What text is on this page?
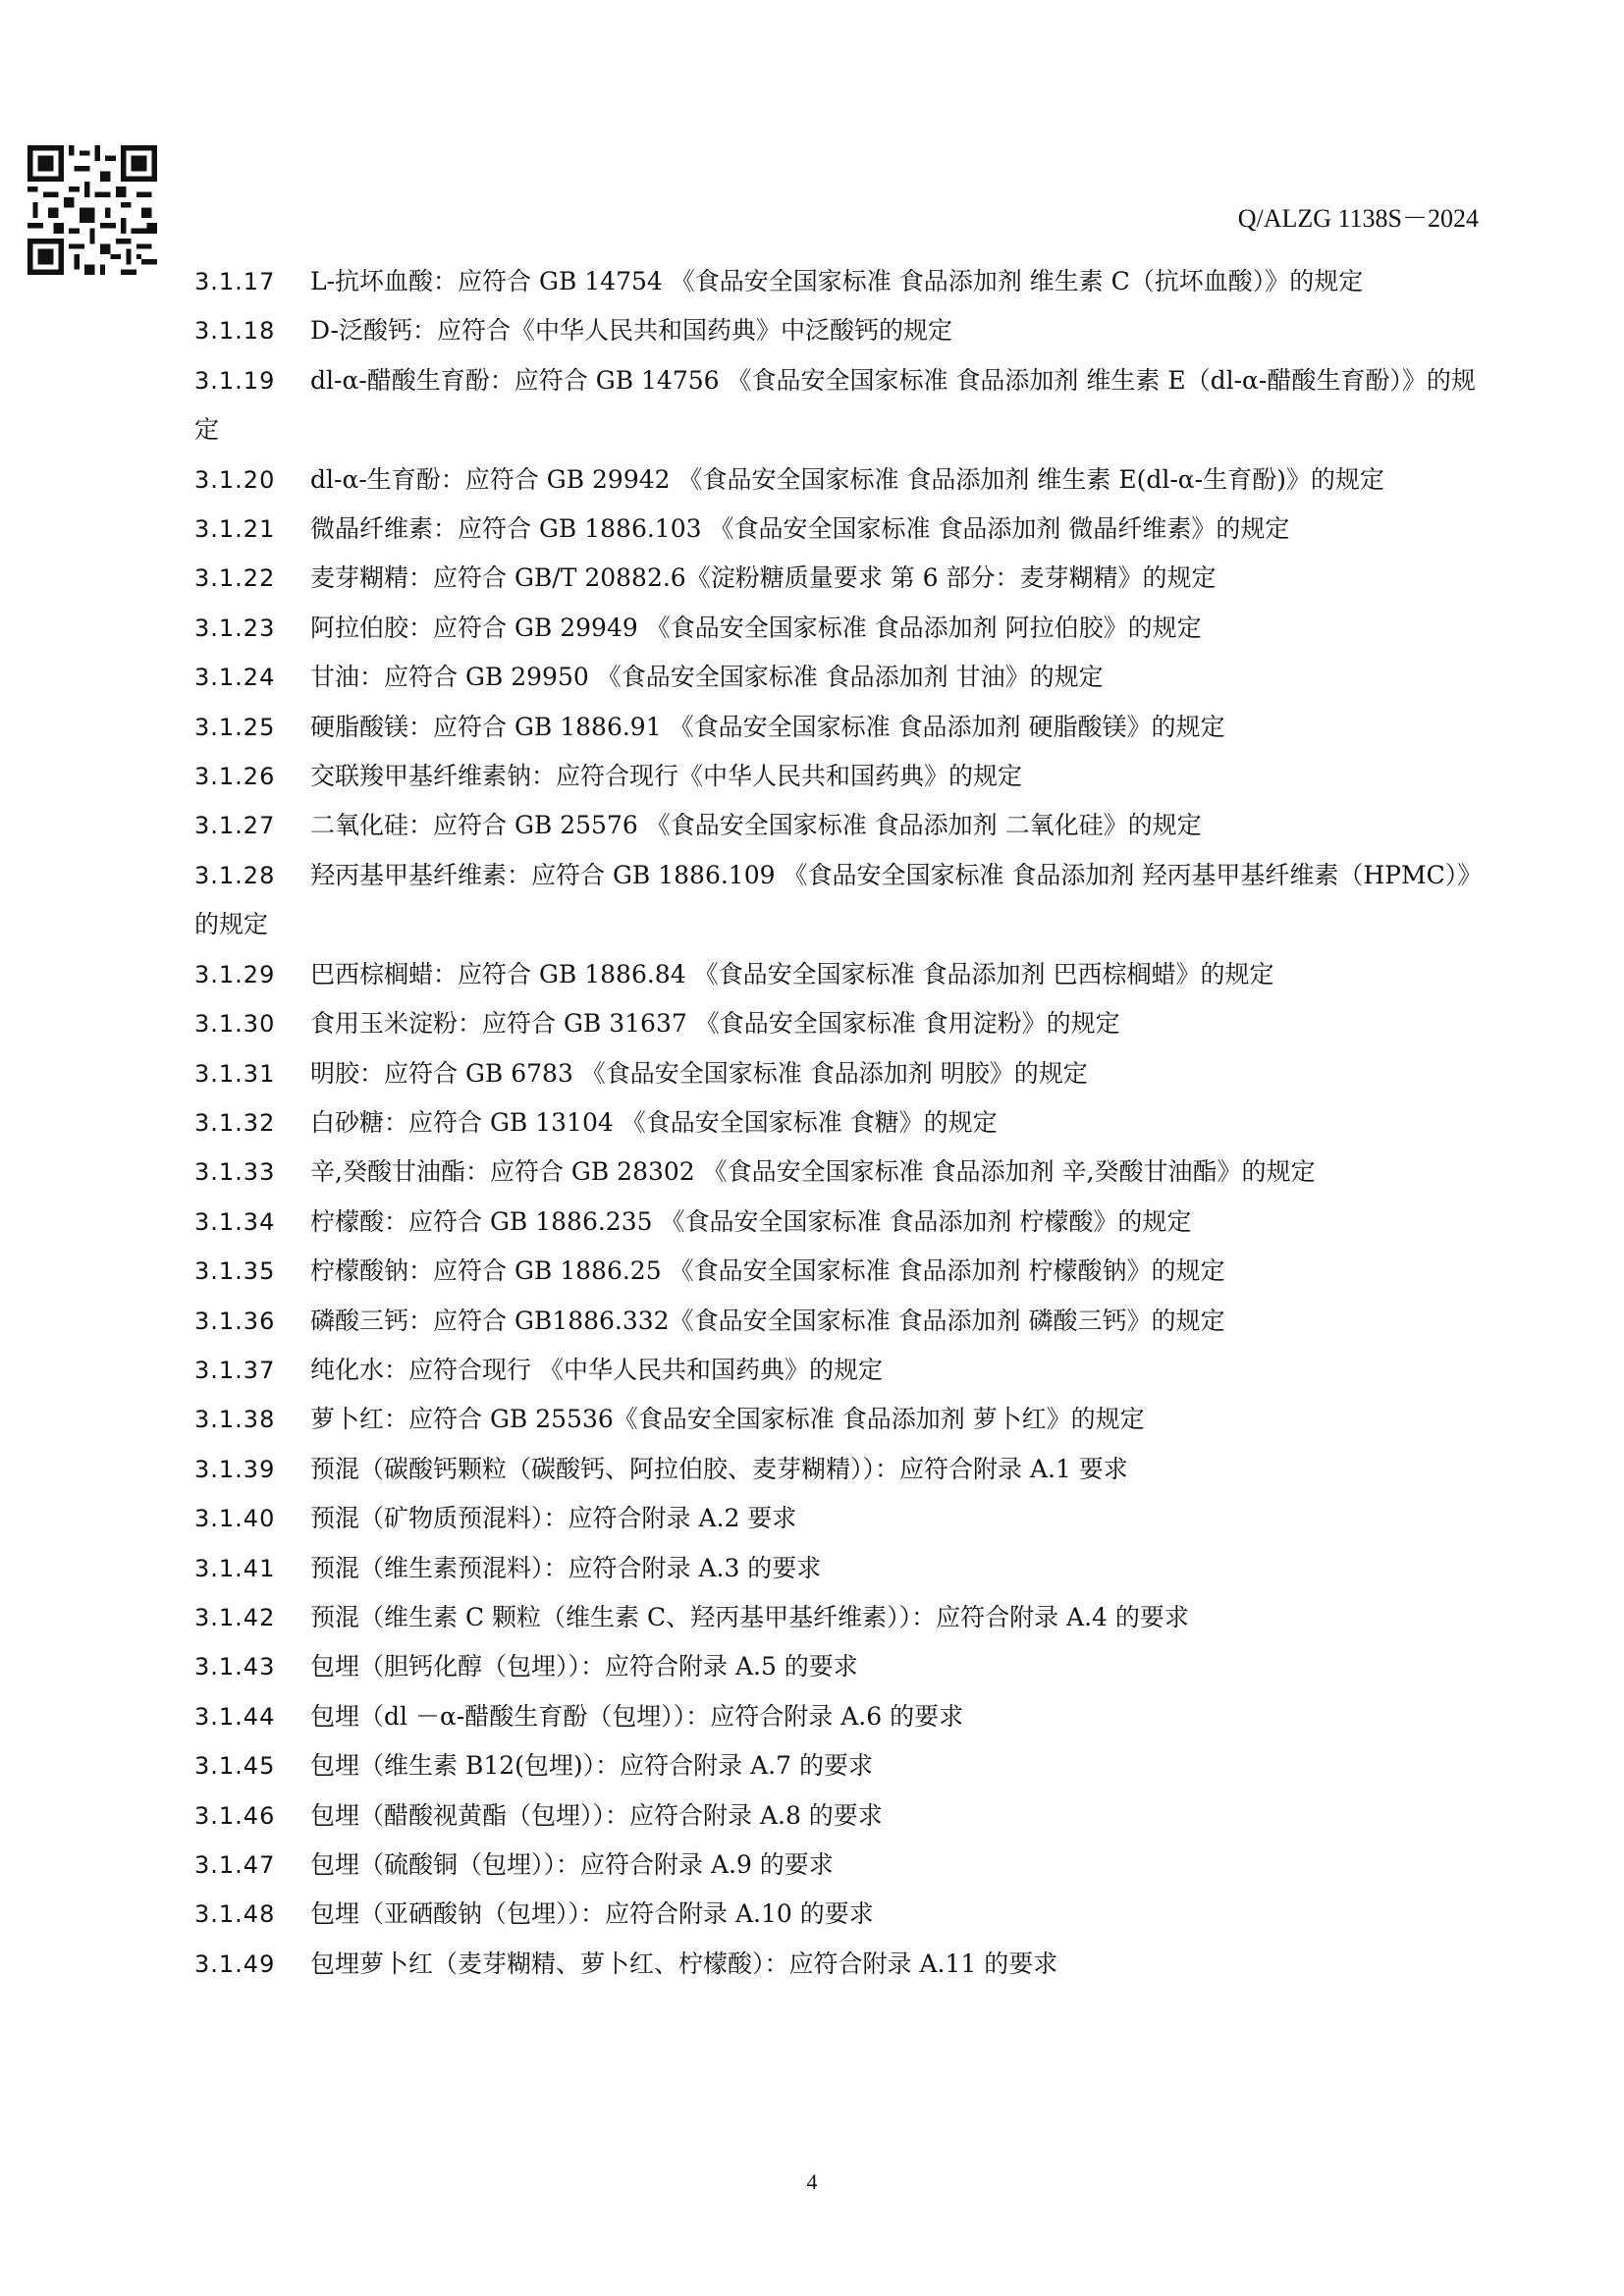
Q/ALZG 1138S－2024
3.1.17 L-抗坏血酸：应符合 GB 14754 《食品安全国家标准 食品添加剂 维生素 C（抗坏血酸）》的规定
3.1.18	D-泛酸钙：应符合《中华人民共和国药典》中泛酸钙的规定
3.1.19 dl-α-醋酸生育酚：应符合 GB 14756 《食品安全国家标准 食品添加剂 维生素 E（dl-α-醋酸生育酚）》的规定
3.1.20 dl-α-生育酚：应符合 GB 29942 《食品安全国家标准 食品添加剂 维生素 E(dl-α-生育酚)》的规定
3.1.21	微晶纤维素：应符合 GB 1886.103 《食品安全国家标准 食品添加剂 微晶纤维素》的规定
3.1.22	麦芽糊精：应符合 GB/T 20882.6《淀粉糖质量要求 第 6 部分：麦芽糊精》的规定
3.1.23	阿拉伯胶：应符合 GB 29949 《食品安全国家标准 食品添加剂 阿拉伯胶》的规定
3.1.24	甘油：应符合 GB 29950 《食品安全国家标准 食品添加剂 甘油》的规定
3.1.25	硬脂酸镁：应符合 GB 1886.91 《食品安全国家标准 食品添加剂 硬脂酸镁》的规定
3.1.26	交联羧甲基纤维素钠：应符合现行《中华人民共和国药典》的规定
3.1.27	二氧化硅：应符合 GB 25576 《食品安全国家标准 食品添加剂 二氧化硅》的规定
3.1.28 羟丙基甲基纤维素：应符合 GB 1886.109 《食品安全国家标准 食品添加剂 羟丙基甲基纤维素（HPMC）》的规定
3.1.29	巴西棕榈蜡：应符合 GB 1886.84 《食品安全国家标准 食品添加剂 巴西棕榈蜡》的规定
3.1.30	食用玉米淀粉：应符合 GB 31637 《食品安全国家标准 食用淀粉》的规定
3.1.31	明胶：应符合 GB 6783 《食品安全国家标准 食品添加剂 明胶》的规定
3.1.32	白砂糖：应符合 GB 13104 《食品安全国家标准 食糖》的规定
3.1.33	辛,癸酸甘油酯：应符合 GB 28302 《食品安全国家标准 食品添加剂 辛,癸酸甘油酯》的规定
3.1.34	柠檬酸：应符合 GB 1886.235 《食品安全国家标准 食品添加剂 柠檬酸》的规定
3.1.35	柠檬酸钠：应符合 GB 1886.25 《食品安全国家标准 食品添加剂 柠檬酸钠》的规定
3.1.36	磷酸三钙：应符合 GB1886.332《食品安全国家标准 食品添加剂 磷酸三钙》的规定
3.1.37	纯化水：应符合现行 《中华人民共和国药典》的规定
3.1.38	萝卜红：应符合 GB 25536《食品安全国家标准 食品添加剂 萝卜红》的规定
3.1.39	预混（碳酸钙颗粒（碳酸钙、阿拉伯胶、麦芽糊精））：应符合附录 A.1 要求
3.1.40	预混（矿物质预混料）：应符合附录 A.2 要求
3.1.41	预混（维生素预混料）：应符合附录 A.3 的要求
3.1.42	预混（维生素 C 颗粒（维生素 C、羟丙基甲基纤维素））：应符合附录 A.4 的要求
3.1.43	包埋（胆钙化醇（包埋））：应符合附录 A.5 的要求
3.1.44	包埋（dl －α-醋酸生育酚（包埋））：应符合附录 A.6 的要求
3.1.45	包埋（维生素 B12(包埋)）：应符合附录 A.7 的要求
3.1.46	包埋（醋酸视黄酯（包埋））：应符合附录 A.8 的要求
3.1.47	包埋（硫酸铜（包埋））：应符合附录 A.9 的要求
3.1.48	包埋（亚硒酸钠（包埋））：应符合附录 A.10 的要求
3.1.49	包埋萝卜红（麦芽糊精、萝卜红、柠檬酸）：应符合附录 A.11 的要求
4
